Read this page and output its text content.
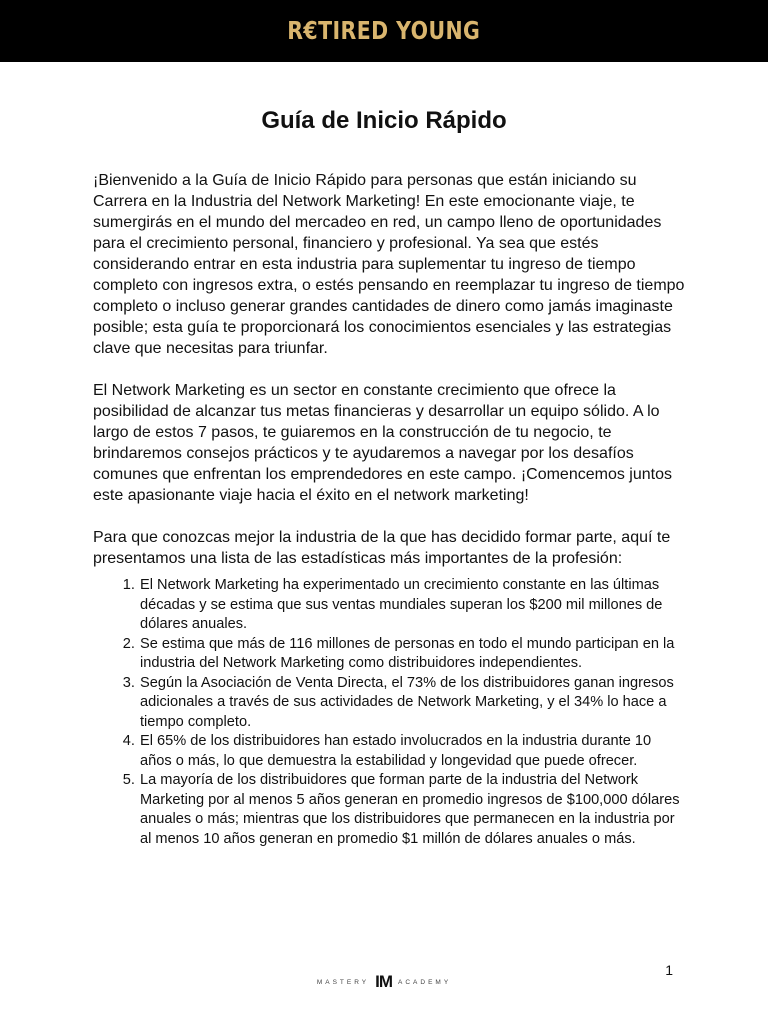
R€TIRED YOUNG
Guía de Inicio Rápido

¡Bienvenido a la Guía de Inicio Rápido para personas que están iniciando su Carrera en la Industria del Network Marketing! En este emocionante viaje, te sumergirás en el mundo del mercadeo en red, un campo lleno de oportunidades para el crecimiento personal, financiero y profesional. Ya sea que estés considerando entrar en esta industria para suplementar tu ingreso de tiempo completo con ingresos extra, o estés pensando en reemplazar tu ingreso de tiempo completo o incluso generar grandes cantidades de dinero como jamás imaginaste posible; esta guía te proporcionará los conocimientos esenciales y las estrategias clave que necesitas para triunfar.

El Network Marketing es un sector en constante crecimiento que ofrece la posibilidad de alcanzar tus metas financieras y desarrollar un equipo sólido. A lo largo de estos 7 pasos, te guiaremos en la construcción de tu negocio, te brindaremos consejos prácticos y te ayudaremos a navegar por los desafíos comunes que enfrentan los emprendedores en este campo. ¡Comencemos juntos este apasionante viaje hacia el éxito en el network marketing!

Para que conozcas mejor la industria de la que has decidido formar parte, aquí te presentamos una lista de las estadísticas más importantes de la profesión:

1. El Network Marketing ha experimentado un crecimiento constante en las últimas décadas y se estima que sus ventas mundiales superan los $200 mil millones de dólares anuales.
2. Se estima que más de 116 millones de personas en todo el mundo participan en la industria del Network Marketing como distribuidores independientes.
3. Según la Asociación de Venta Directa, el 73% de los distribuidores ganan ingresos adicionales a través de sus actividades de Network Marketing, y el 34% lo hace a tiempo completo.
4. El 65% de los distribuidores han estado involucrados en la industria durante 10 años o más, lo que demuestra la estabilidad y longevidad que puede ofrecer.
5. La mayoría de los distribuidores que forman parte de la industria del Network Marketing por al menos 5 años generan en promedio ingresos de $100,000 dólares anuales o más; mientras que los distribuidores que permanecen en la industria por al menos 10 años generan en promedio $1 millón de dólares anuales o más.
MASTERY IM ACADEMY
1
